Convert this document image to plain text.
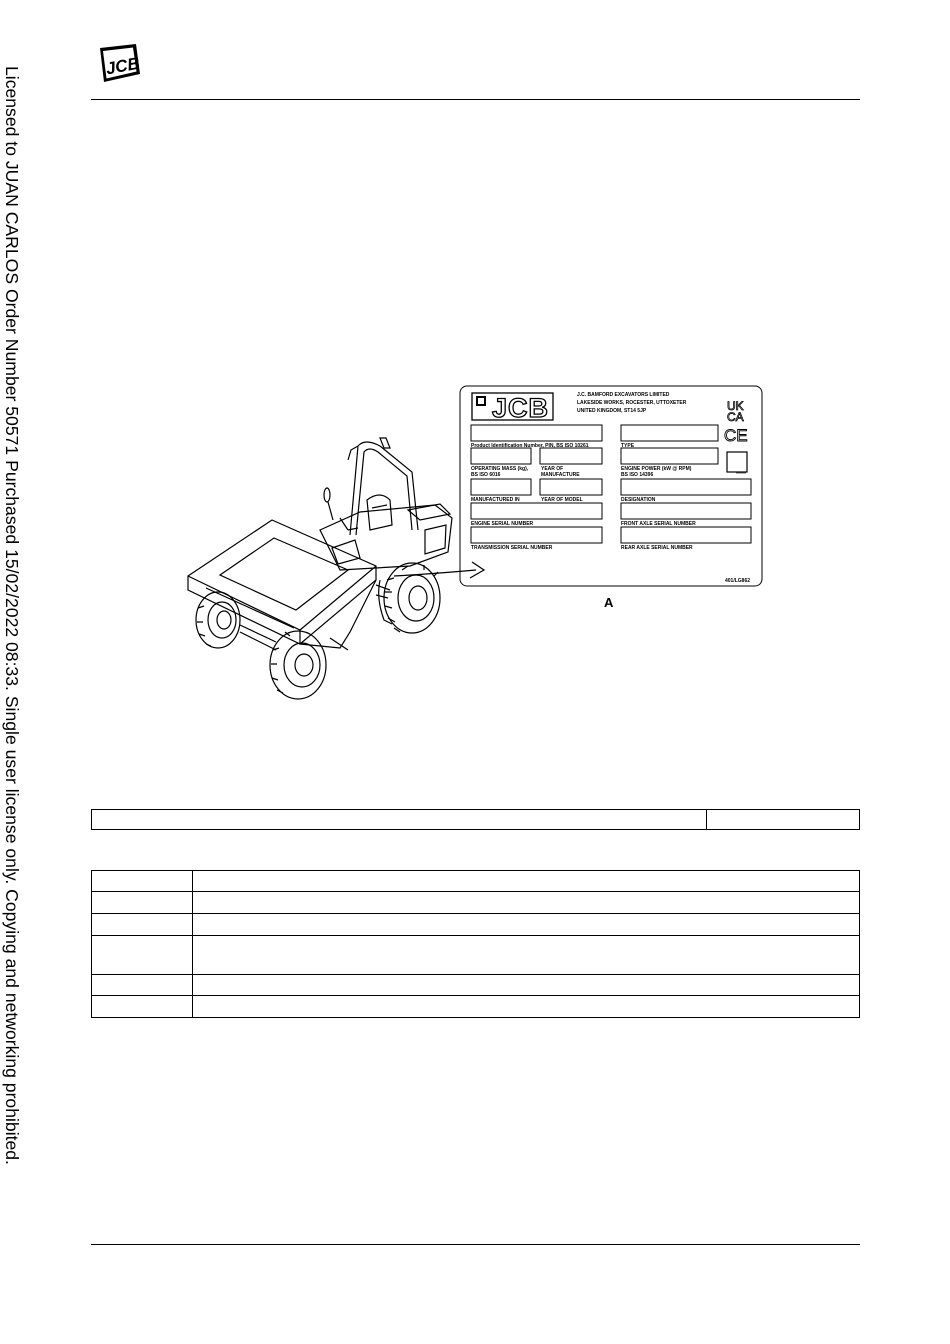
Licensed to JUAN CARLOS Order Number 50571 Purchased 15/02/2022 08:33. Single user license only. Copying and networking prohibited.	JCB
JCB	J.C. BAMFORD EXCAVATORS LIMITED
LAKESIDE WORKS, ROCESTER, UTTOXETER
UNITED KINGDOM, ST14 5JP	UK
CA
CE
Product Identification Number, PIN, BS ISO 10261	TYPE
OPERATING MASS (kg),
BS ISO 6016
YEAR OF
MANUFACTURE
ENGINE POWER (kW @ RPM)
BS ISO 14396
MANUFACTURED IN	YEAR OF MODEL	DESIGNATION
ENGINE SERIAL NUMBER	FRONT AXLE SERIAL NUMBER
TRANSMISSION SERIAL NUMBER	REAR AXLE SERIAL NUMBER
401/LG862
A
